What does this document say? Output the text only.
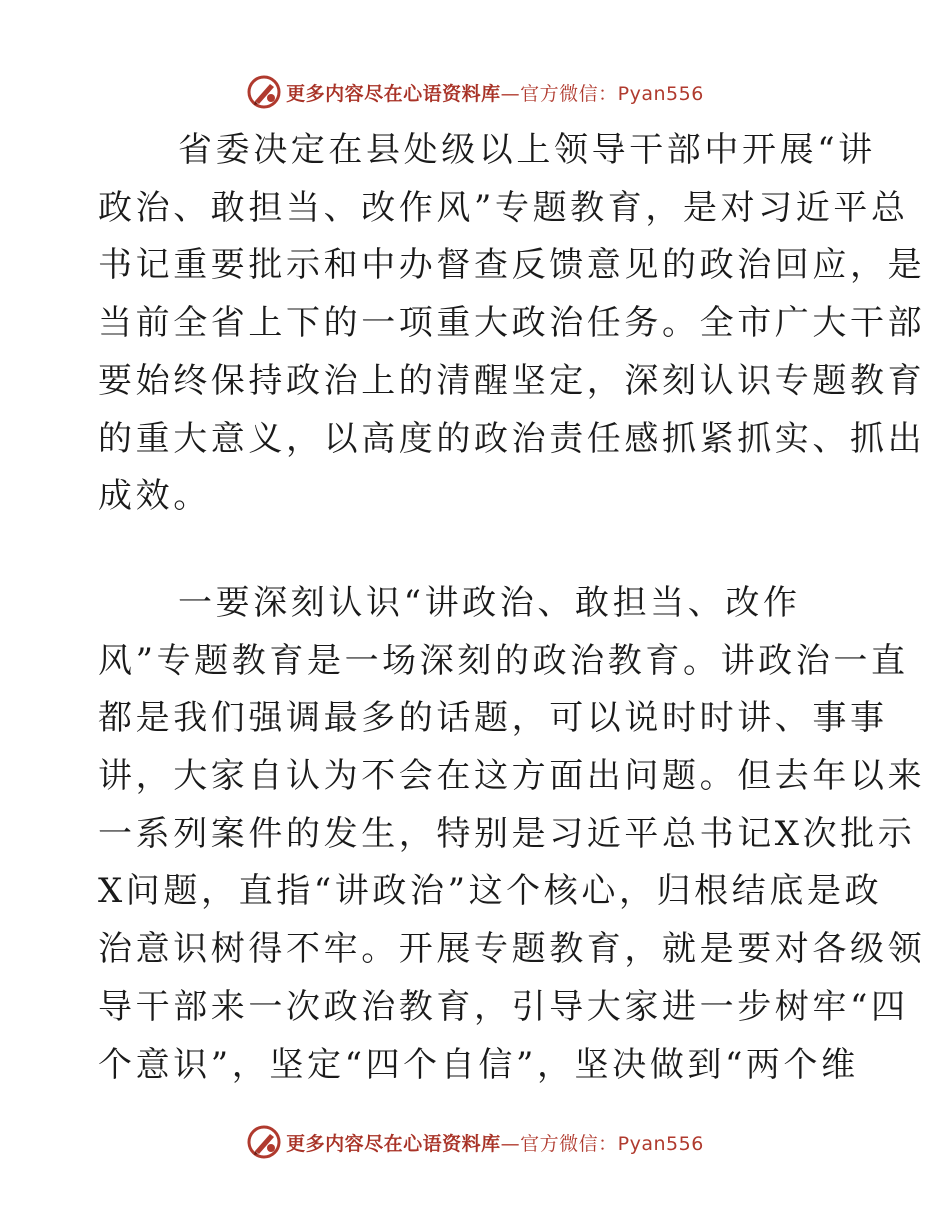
更多内容尽在心语资料库—官方微信：Pyan556

省委决定在县处级以上领导干部中开展“讲

政治、敢担当、改作风”专题教育，是对习近平总

书记重要批示和中办督查反馈意见的政治回应，是

当前全省上下的一项重大政治任务。全市广大干部

要始终保持政治上的清醒坚定，深刻认识专题教育

的重大意义，以高度的政治责任感抓紧抓实、抓出

成效。

一要深刻认识“讲政治、敢担当、改作

风”专题教育是一场深刻的政治教育。讲政治一直

都是我们强调最多的话题，可以说时时讲、事事

讲，大家自认为不会在这方面出问题。但去年以来

一系列案件的发生，特别是习近平总书记X次批示

X问题，直指“讲政治”这个核心，归根结底是政

治意识树得不牢。开展专题教育，就是要对各级领

导干部来一次政治教育，引导大家进一步树牢“四

个意识”，坚定“四个自信”，坚决做到“两个维

更多内容尽在心语资料库—官方微信：Pyan556
